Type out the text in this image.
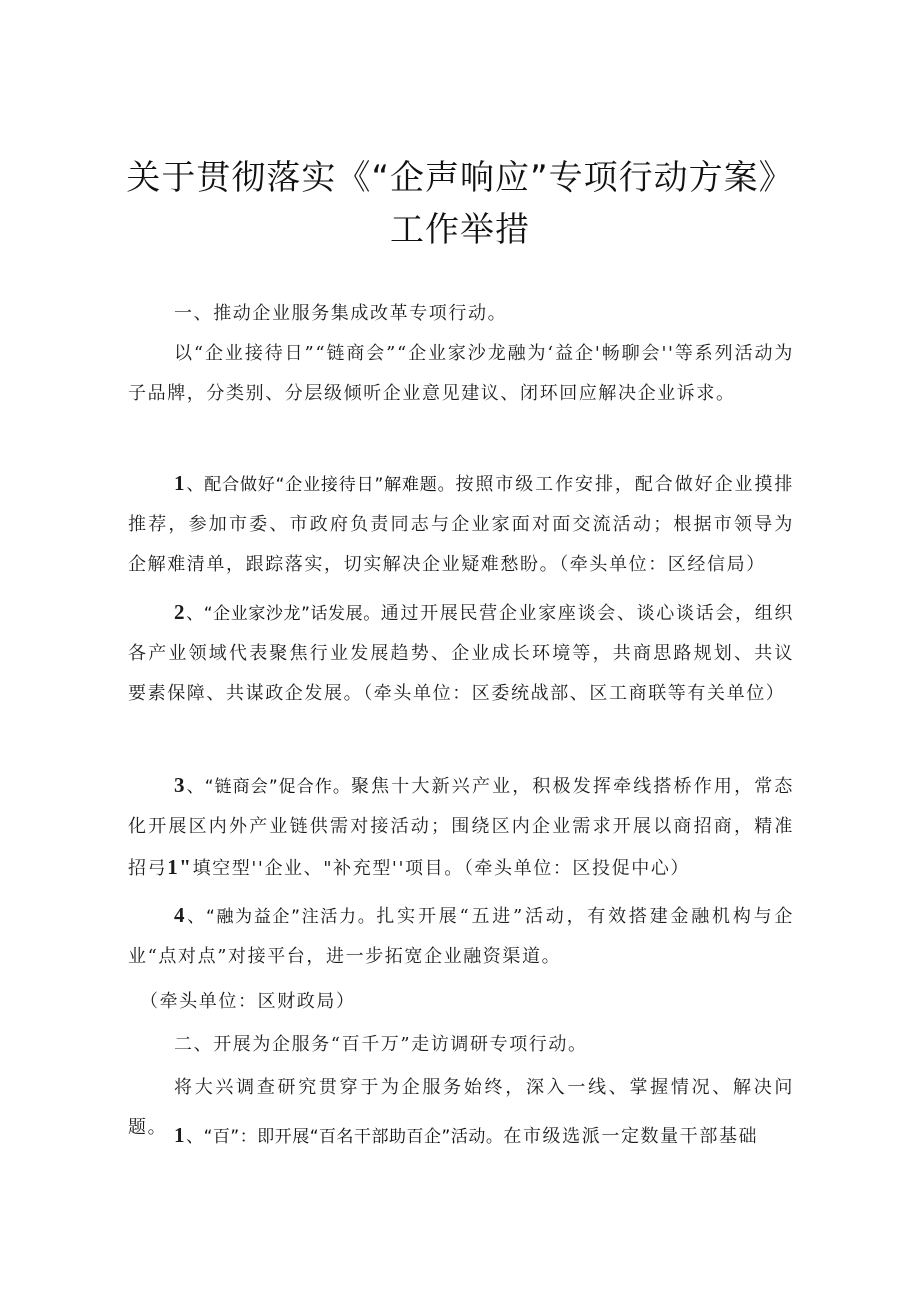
关于贯彻落实《“企声响应”专项行动方案》工作举措
一、推动企业服务集成改革专项行动。
以“企业接待日”“链商会”“企业家沙龙融为‘益企'畅聊会''等系列活动为子品牌，分类别、分层级倾听企业意见建议、闭环回应解决企业诉求。
1、配合做好“企业接待日”解难题。按照市级工作安排，配合做好企业摸排推荐，参加市委、市政府负责同志与企业家面对面交流活动；根据市领导为企解难清单，跟踪落实，切实解决企业疑难愁盼。（牵头单位：区经信局）
2、“企业家沙龙”话发展。通过开展民营企业家座谈会、谈心谈话会，组织各产业领域代表聚焦行业发展趋势、企业成长环境等，共商思路规划、共议要素保障、共谋政企发展。（牵头单位：区委统战部、区工商联等有关单位）
3、“链商会”促合作。聚焦十大新兴产业，积极发挥牵线搭桥作用，常态化开展区内外产业链供需对接活动；围绕区内企业需求开展以商招商，精准招弓1"填空型''企业、"补充型''项目。（牵头单位：区投促中心）
4、“融为益企”注活力。扎实开展“五进”活动，有效搭建金融机构与企业“点对点”对接平台，进一步拓宽企业融资渠道。
（牵头单位：区财政局）
二、开展为企服务“百千万”走访调研专项行动。
将大兴调查研究贯穿于为企服务始终，深入一线、掌握情况、解决问题。 1、“百”：即开展“百名干部助百企”活动。在市级选派一定数量干部基础
